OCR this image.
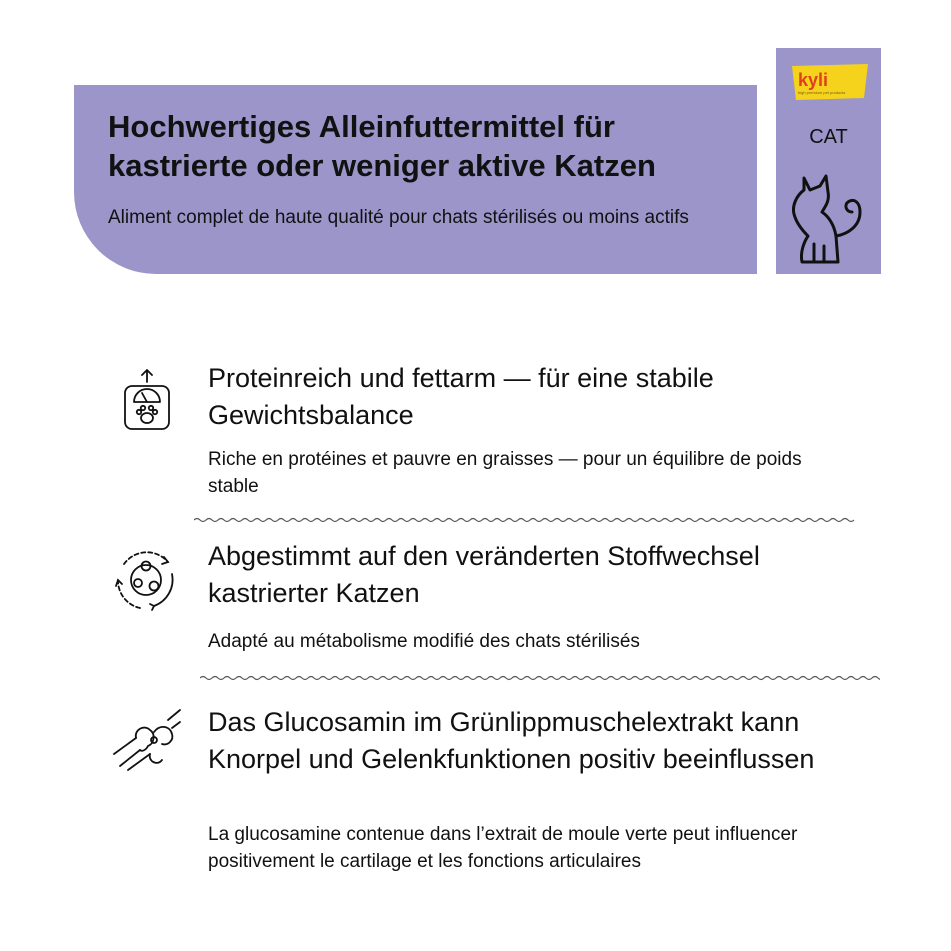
Hochwertiges Alleinfuttermittel für kastrierte oder weniger aktive Katzen

Aliment complet de haute qualité pour chats stérilisés ou moins actifs

kyli
high premium pet products
CAT

Proteinreich und fettarm — für eine stabile Gewichtsbalance

Riche en protéines et pauvre en graisses — pour un équilibre de poids stable

Abgestimmt auf den veränderten Stoffwechsel kastrierter Katzen

Adapté au métabolisme modifié des chats stérilisés

Das Glucosamin im Grünlippmuschelextrakt kann Knorpel und Gelenkfunktionen positiv beeinflussen

La glucosamine contenue dans l’extrait de moule verte peut influencer positivement le cartilage et les fonctions articulaires
